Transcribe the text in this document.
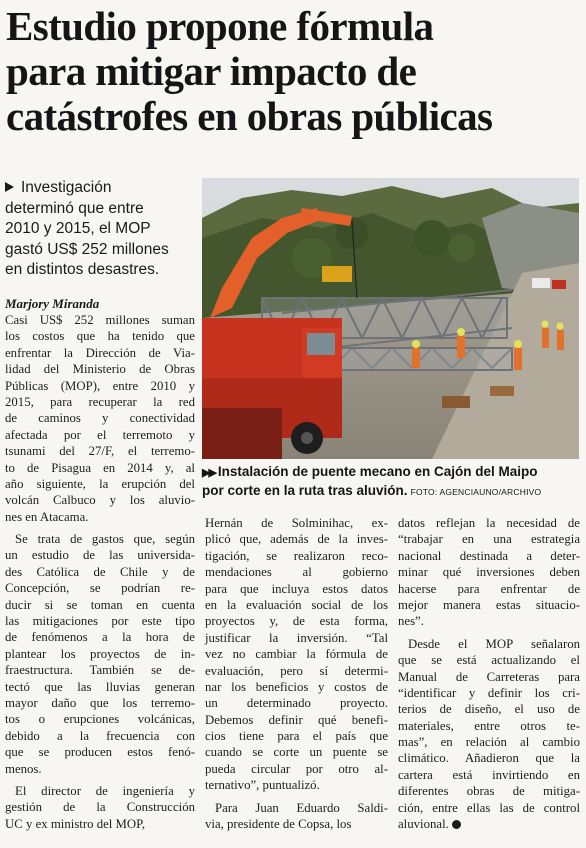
Estudio propone fórmula
para mitigar impacto de
catástrofes en obras públicas
Investigación
determinó que entre
2010 y 2015, el MOP
gastó US$ 252 millones
en distintos desastres.
Marjory Miranda
Casi US$ 252 millones suman
los costos que ha tenido que
enfrentar la Dirección de Via-
lidad del Ministerio de Obras
Públicas (MOP), entre 2010 y
2015, para recuperar la red
de caminos y conectividad
afectada por el terremoto y
tsunami del 27/F, el terremo-
to de Pisagua en 2014 y, al
año siguiente, la erupción del
volcán Calbuco y los aluvio-
nes en Atacama.
Se trata de gastos que, según
un estudio de las universida-
des Católica de Chile y de
Concepción, se podrían re-
ducir si se toman en cuenta
las mitigaciones por este tipo
de fenómenos a la hora de
plantear los proyectos de in-
fraestructura. También se de-
tectó que las lluvias generan
mayor daño que los terremo-
tos o erupciones volcánicas,
debido a la frecuencia con
que se producen estos fenó-
menos.
El director de ingeniería y
gestión de la Construcción
UC y ex ministro del MOP,
▶▶ Instalación de puente mecano en Cajón del Maipo
por corte en la ruta tras aluvión. FOTO: AGENCIAUNO/ARCHIVO
Hernán de Solminihac, ex-
plicó que, además de la inves-
tigación, se realizaron reco-
mendaciones al gobierno
para que incluya estos datos
en la evaluación social de los
proyectos y, de esta forma,
justificar la inversión. “Tal
vez no cambiar la fórmula de
evaluación, pero sí determi-
nar los beneficios y costos de
un determinado proyecto.
Debemos definir qué benefi-
cios tiene para el país que
cuando se corte un puente se
pueda circular por otro al-
ternativo”, puntualizó.
Para Juan Eduardo Saldi-
via, presidente de Copsa, los
datos reflejan la necesidad de
“trabajar en una estrategia
nacional destinada a deter-
minar qué inversiones deben
hacerse para enfrentar de
mejor manera estas situacio-
nes”.
Desde el MOP señalaron
que se está actualizando el
Manual de Carreteras para
“identificar y definir los cri-
terios de diseño, el uso de
materiales, entre otros te-
mas”, en relación al cambio
climático. Añadieron que la
cartera está invirtiendo en
diferentes obras de mitiga-
ción, entre ellas las de control
aluvional.
